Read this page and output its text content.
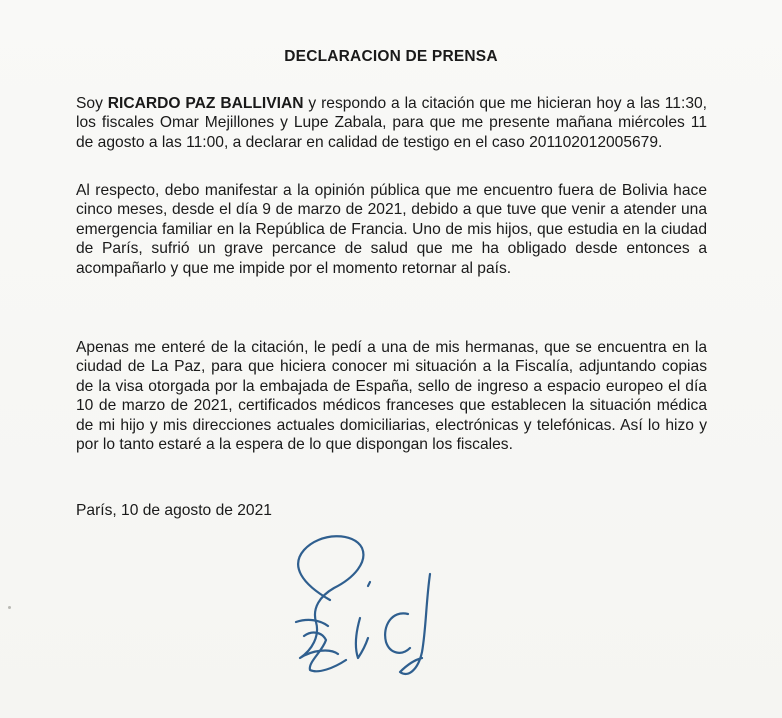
DECLARACION DE PRENSA
Soy RICARDO PAZ BALLIVIAN y respondo a la citación que me hicieran hoy a las 11:30, los fiscales Omar Mejillones y Lupe Zabala, para que me presente mañana miércoles 11 de agosto a las 11:00, a declarar en calidad de testigo en el caso 201102012005679.
Al respecto, debo manifestar a la opinión pública que me encuentro fuera de Bolivia hace cinco meses, desde el día 9 de marzo de 2021, debido a que tuve que venir a atender una emergencia familiar en la República de Francia. Uno de mis hijos, que estudia en la ciudad de París, sufrió un grave percance de salud que me ha obligado desde entonces a acompañarlo y que me impide por el momento retornar al país.
Apenas me enteré de la citación, le pedí a una de mis hermanas, que se encuentra en la ciudad de La Paz, para que hiciera conocer mi situación a la Fiscalía, adjuntando copias de la visa otorgada por la embajada de España, sello de ingreso a espacio europeo el día 10 de marzo de 2021, certificados médicos franceses que establecen la situación médica de mi hijo y mis direcciones actuales domiciliarias, electrónicas y telefónicas. Así lo hizo y por lo tanto estaré a la espera de lo que dispongan los fiscales.
París, 10 de agosto de 2021
